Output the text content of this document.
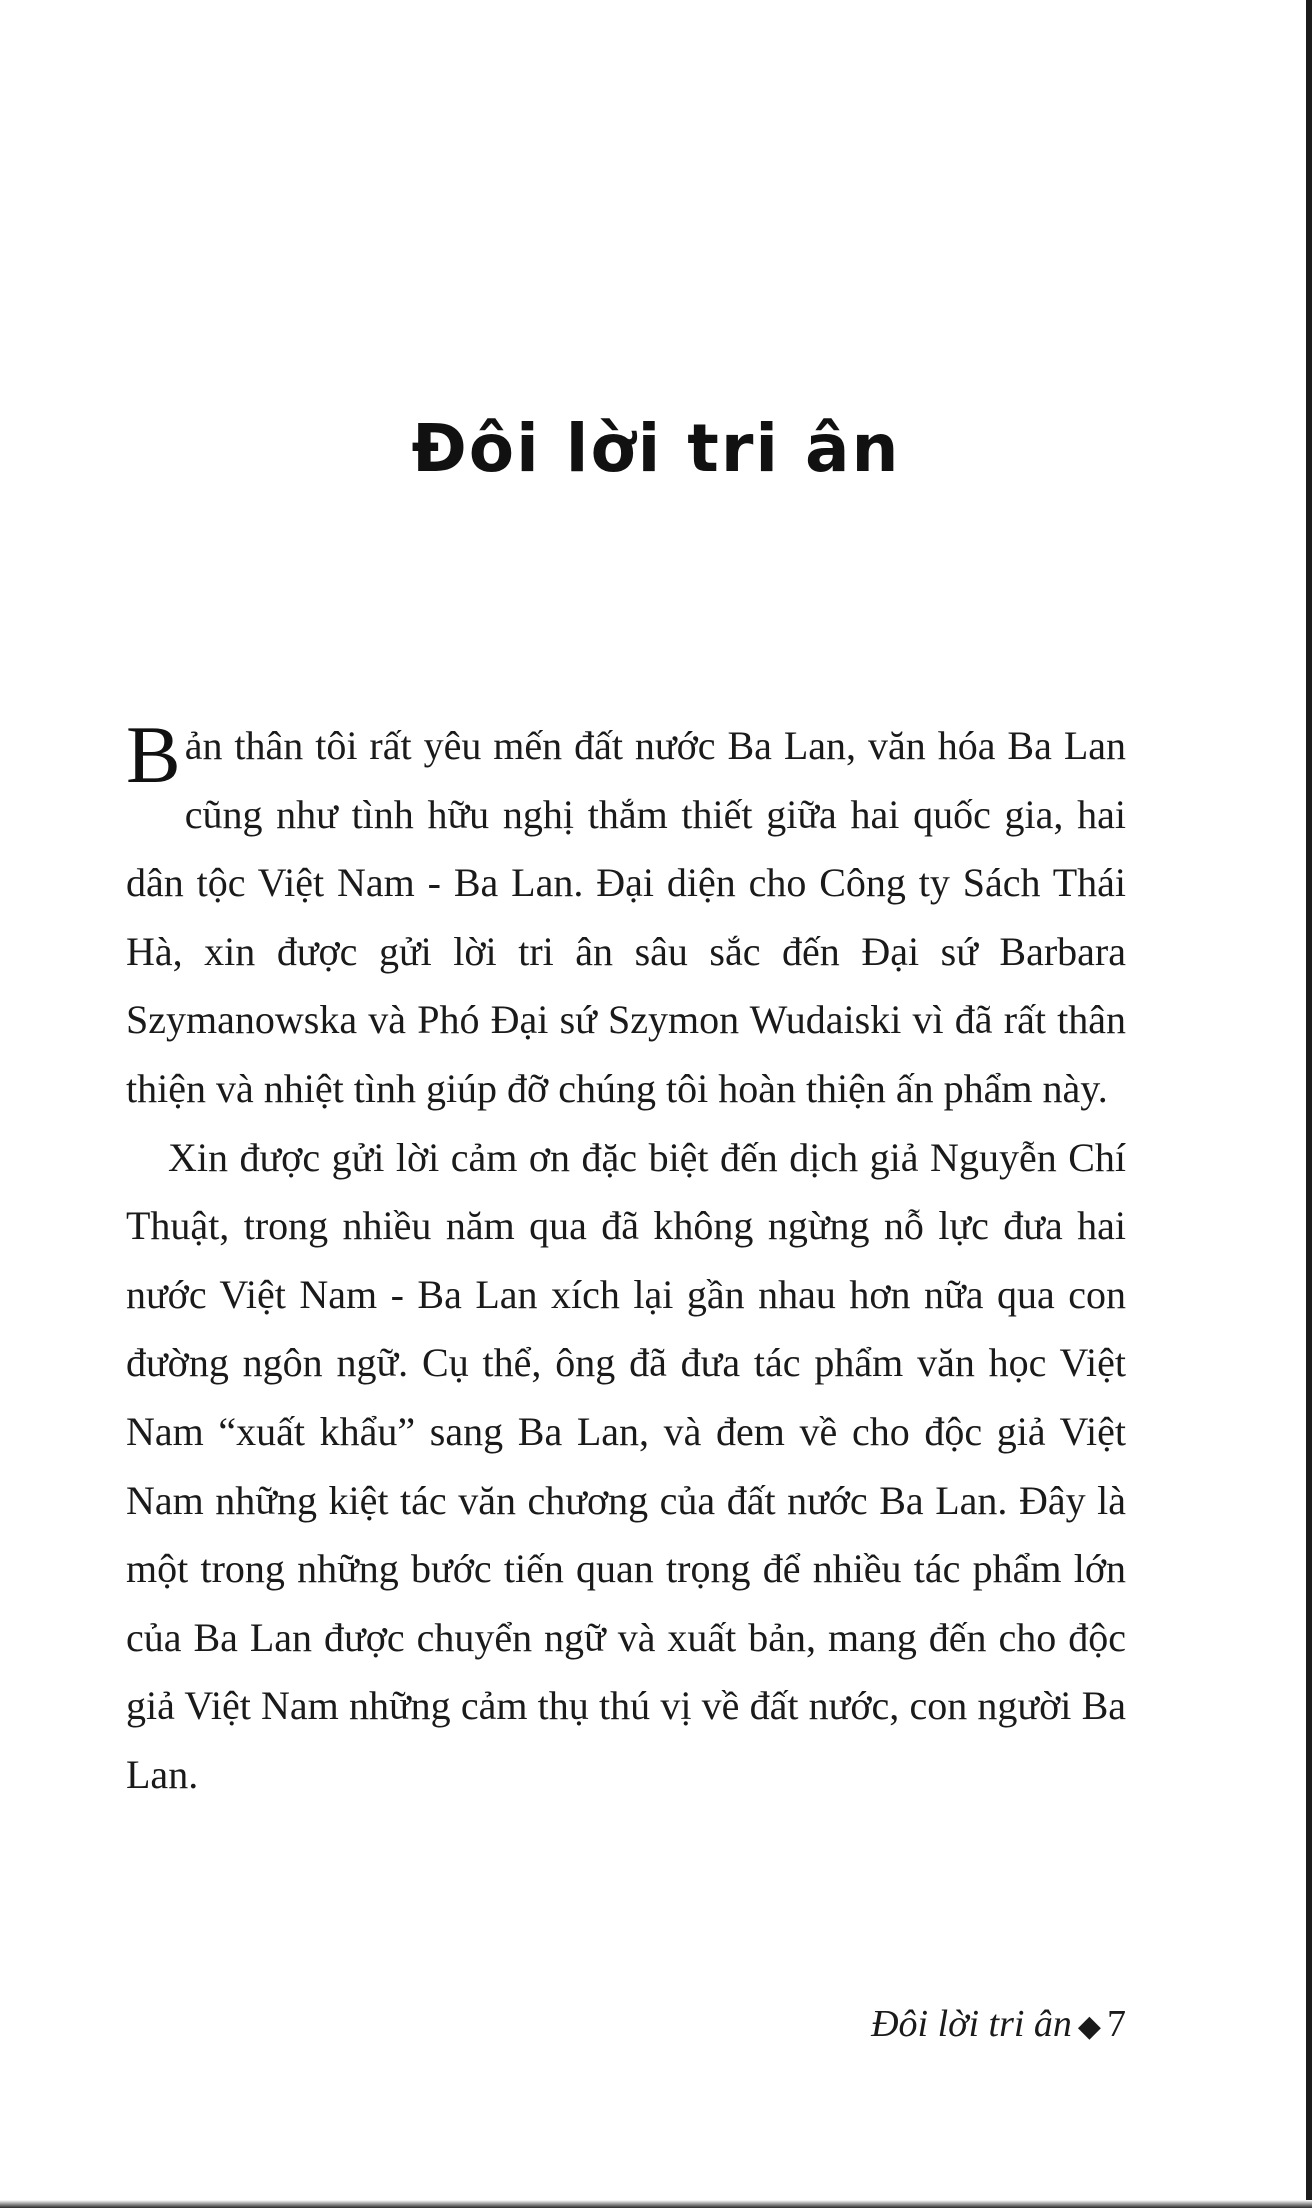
Đôi lời tri ân

Bản thân tôi rất yêu mến đất nước Ba Lan, văn hóa Ba Lan cũng như tình hữu nghị thắm thiết giữa hai quốc gia, hai dân tộc Việt Nam - Ba Lan. Đại diện cho Công ty Sách Thái Hà, xin được gửi lời tri ân sâu sắc đến Đại sứ Barbara Szymanowska và Phó Đại sứ Szymon Wudaiski vì đã rất thân thiện và nhiệt tình giúp đỡ chúng tôi hoàn thiện ấn phẩm này.

Xin được gửi lời cảm ơn đặc biệt đến dịch giả Nguyễn Chí Thuật, trong nhiều năm qua đã không ngừng nỗ lực đưa hai nước Việt Nam - Ba Lan xích lại gần nhau hơn nữa qua con đường ngôn ngữ. Cụ thể, ông đã đưa tác phẩm văn học Việt Nam “xuất khẩu” sang Ba Lan, và đem về cho độc giả Việt Nam những kiệt tác văn chương của đất nước Ba Lan. Đây là một trong những bước tiến quan trọng để nhiều tác phẩm lớn của Ba Lan được chuyển ngữ và xuất bản, mang đến cho độc giả Việt Nam những cảm thụ thú vị về đất nước, con người Ba Lan.

Đôi lời tri ân ◆ 7
